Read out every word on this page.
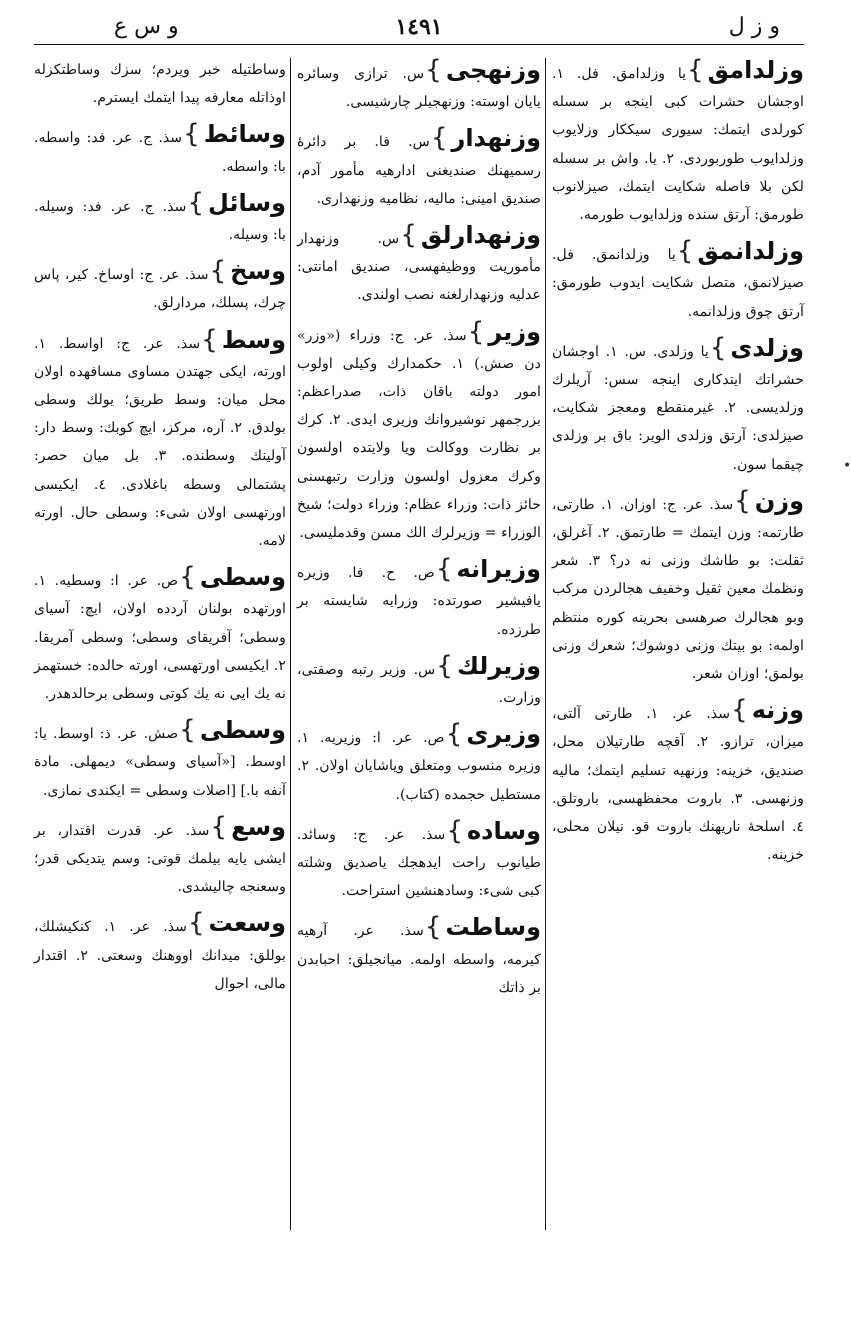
و ز ل
١٤٩١
و س ع

وزلدامق}يا وزلدامق. فل. ١. اوجشان حشرات كبى اينجه بر سسله كورلدى ايتمك: سيورى سيككار وزلايوب وزلدايوب طوربوردى. ٢. يا. واش بر سسله لكن بلا فاصله شكايت ايتمك، صيزلانوب طورمق: آرتق سنده وزلدايوب طورمه.

وزلدانمق}يا وزلدانمق. فل. صيزلانمق، متصل شكايت ايدوب طورمق: آرتق چوق وزلدانمه.

وزلدى}يا وزلدى. س. ١. اوجشان حشراتك ايتدكارى اينجه سس: آريلرك وزلديسى. ٢. غيرمنقطع ومعجز شكايت، صيزلدى: آرتق وزلدى الوير: باق بر وزلدى چيقما سون.

وزن}سذ. عر. ج: اوزان. ١. طارتى، طارتمه: وزن ايتمك = طارتمق. ٢. آغرلق، ثقلت: بو طاشك وزنى نه در؟ ٣. شعر ونظمك معين ثقيل وخفيف هجالردن مركب وبو هجالرك صرهسى بحرينه كوره منتظم اولمه: بو بيتك وزنى دوشوك؛ شعرك وزنى بولمق؛ اوزان شعر.

وزنه}سذ. عر. ١. طارتى آلتى، ميزان، ترازو. ٢. آقچه طارتيلان محل، صنديق، خزينه: وزنهيه تسليم ايتمك؛ ماليه وزنهسى. ٣. باروت محفظهسى، باروتلق. ٤. اسلحهٔ ناريهنك باروت قو. نيلان محلى، خزينه.

وزنهجى}س. ترازى وسائره يايان اوسته: وزنهجيلر چارشيسى.

وزنهدار}س. فا. بر دائرهٔ رسميهنك صنديغنى ادارهيه مأمور آدم، صنديق امينى: ماليه، نظاميه وزنهدارى.

وزنهدارلق}س. وزنهدار مأموريت ووظيفهسى، صنديق امانتى: عدليه وزنهدارلغنه نصب اولندى.

وزير}سذ. عر. ج: وزراء («وزر» دن صش.) ١. حكمدارك وكيلى اولوب امور دولته باقان ذات، صدراعظم: بزرجمهر نوشيروانك وزيرى ايدى. ٢. كرك بر نظارت ووكالت ويا ولايتده اولسون وكرك معزول اولسون وزارت رتبهسنى حائز ذات: وزراء عظام: وزراء دولت؛ شيخ الوزراء = وزيرلرك الك مسن وقدمليسى.

وزيرانه}ص. ح. فا. وزيره يافيشير صورتده: وزرايه شايسته بر طرزده.

وزيرلك}س. وزير رتبه وصفتى، وزارت.

وزيرى}ص. عر. ا: وزيريه. ١. وزيره منسوب ومتعلق وياشايان اولان. ٢. مستطيل حجمده (كتاب).

وساده}سذ. عر. ج: وسائد. طيانوب راحت ايدهجك ياصديق وشلته كبى شىء: وسادهنشين استراحت.

وساطت}سذ. عر. آرهيه كيرمه، واسطه اولمه. ميانجيلق: احبابدن بر ذاتك

وساطتيله خبر ويردم؛ سزك وساطتكزله اوذاتله معارفه پيدا ايتمك ايسترم.

وسائط}سذ. ج. عر. فد: واسطه. با: واسطه.

وسائل}سذ. ج. عر. فد: وسيله. با: وسيله.

وسخ}سذ. عر. ج: اوساخ. كير، پاس چرك، پسلك، مردارلق.

وسط}سذ. عر. ج: اواسط. ١. اورته، ايكى جهتدن مساوى مسافهده اولان محل ميان: وسط طريق؛ يولك وسطى بولدق. ٢. آره، مركز، ايچ كوبك: وسط دار: آولينك وسطنده. ٣. بل ميان حصر: پشتمالى وسطه باغلادى. ٤. ايكيسى اورتهسى اولان شىء: وسطى حال. اورته لامه.

وسطى}ص. عر. ا: وسطيه. ١. اورتهده بولنان آردده اولان، ايچ: آسياى وسطى؛ آفريقاى وسطى؛ وسطى آمريقا. ٢. ايكيسى اورتهسى، اورته حالده: خستهمز نه يك ايى نه يك كوتى وسطى برحالدهدر.

وسطى}صش. عر. ذ: اوسط. يا: اوسط. [«آسياى وسطى» ديمهلى. مادة آنفه با.] [اصلات وسطى = ايكندى نمازى.

وسع}سذ. عر. قدرت اقتدار، بر ايشى يايه بيلمك قوتى: وسم يتديكى قدر؛ وسعنجه چاليشدى.

وسعت}سذ. عر. ١. كنكيشلك، بوللق: ميدانك اووهنك وسعتى. ٢. اقتدار مالى، احوال

•
